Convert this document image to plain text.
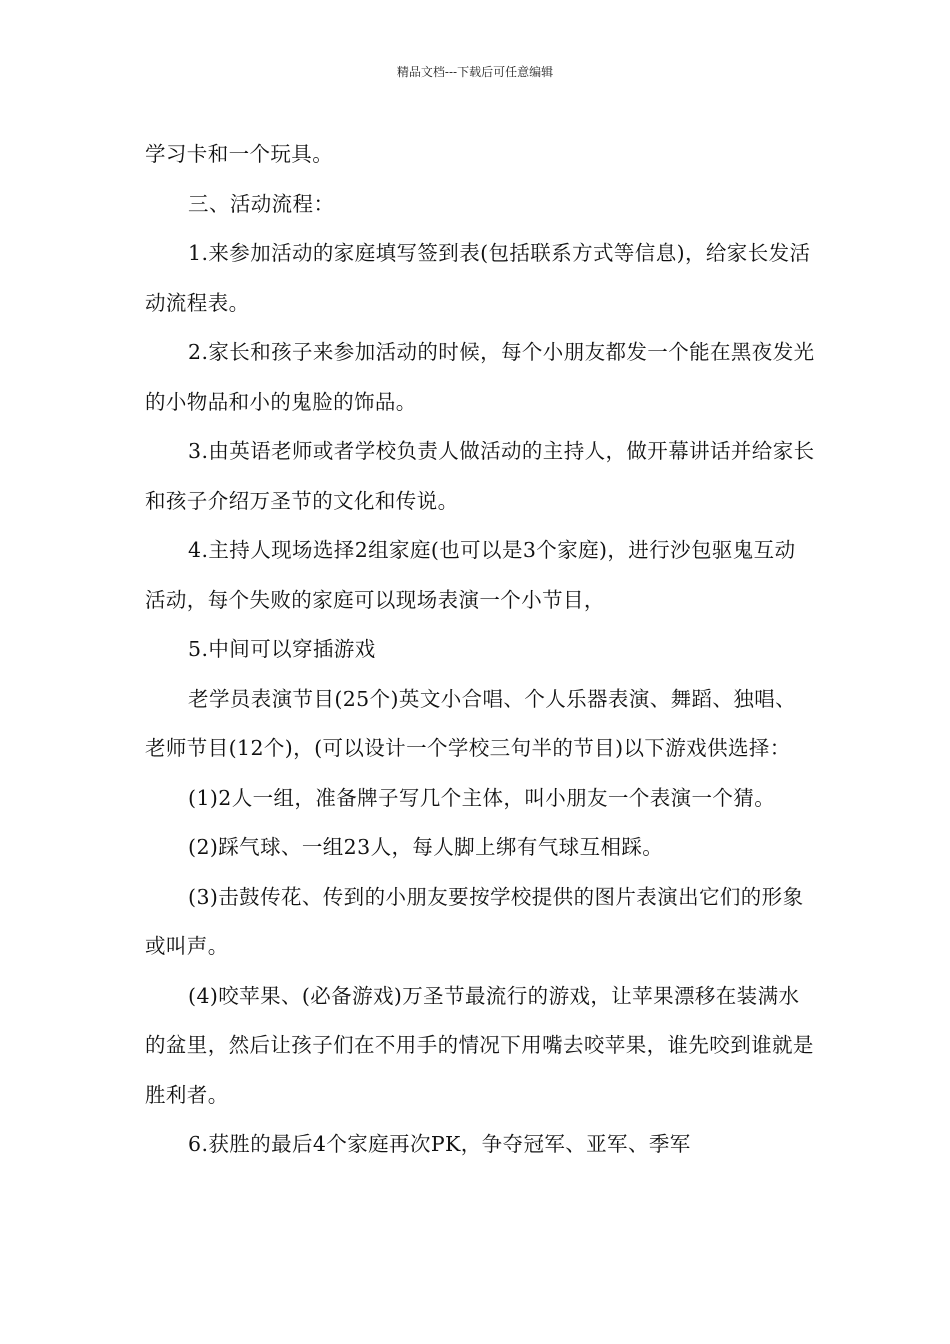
精品文档---下载后可任意编辑

学习卡和一个玩具。

三、活动流程：

1.来参加活动的家庭填写签到表(包括联系方式等信息)，给家长发活动流程表。

2.家长和孩子来参加活动的时候，每个小朋友都发一个能在黑夜发光的小物品和小的鬼脸的饰品。

3.由英语老师或者学校负责人做活动的主持人，做开幕讲话并给家长和孩子介绍万圣节的文化和传说。

4.主持人现场选择2组家庭(也可以是3个家庭)，进行沙包驱鬼互动活动，每个失败的家庭可以现场表演一个小节目，

5.中间可以穿插游戏

老学员表演节目(25个)英文小合唱、个人乐器表演、舞蹈、独唱、老师节目(12个)，(可以设计一个学校三句半的节目)以下游戏供选择：

(1)2人一组，准备牌子写几个主体，叫小朋友一个表演一个猜。

(2)踩气球、一组23人，每人脚上绑有气球互相踩。

(3)击鼓传花、传到的小朋友要按学校提供的图片表演出它们的形象或叫声。

(4)咬苹果、(必备游戏)万圣节最流行的游戏，让苹果漂移在装满水的盆里，然后让孩子们在不用手的情况下用嘴去咬苹果，谁先咬到谁就是胜利者。

6.获胜的最后4个家庭再次PK，争夺冠军、亚军、季军
